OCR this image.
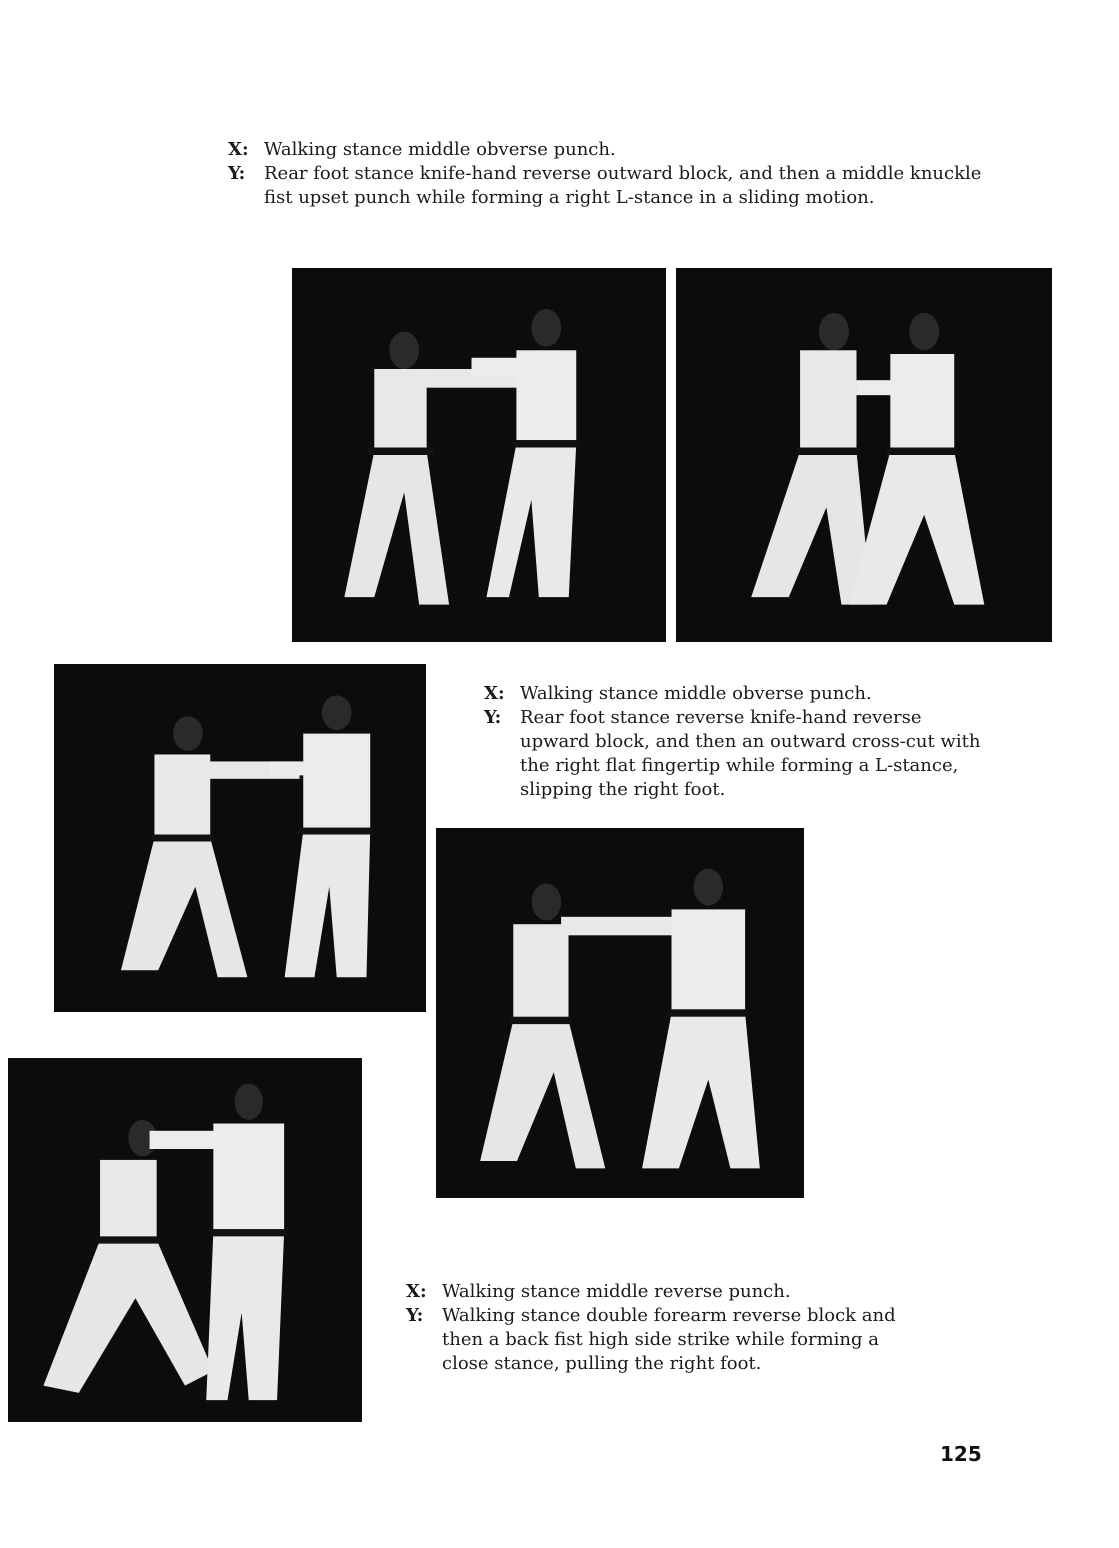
X: Walking stance middle obverse punch.
Y:	Rear foot stance knife-hand reverse outward block, and then a middle knuckle fist upset punch while forming a right L-stance in a sliding motion.
X: Walking stance middle obverse punch.
Y:	Rear foot stance reverse knife-hand reverse upward block, and then an outward cross-cut with the right flat fingertip while forming a L-stance, slipping the right foot.
X: Walking stance middle reverse punch.
Y:	Walking stance double forearm reverse block and then a back fist high side strike while forming a close stance, pulling the right foot.
125
